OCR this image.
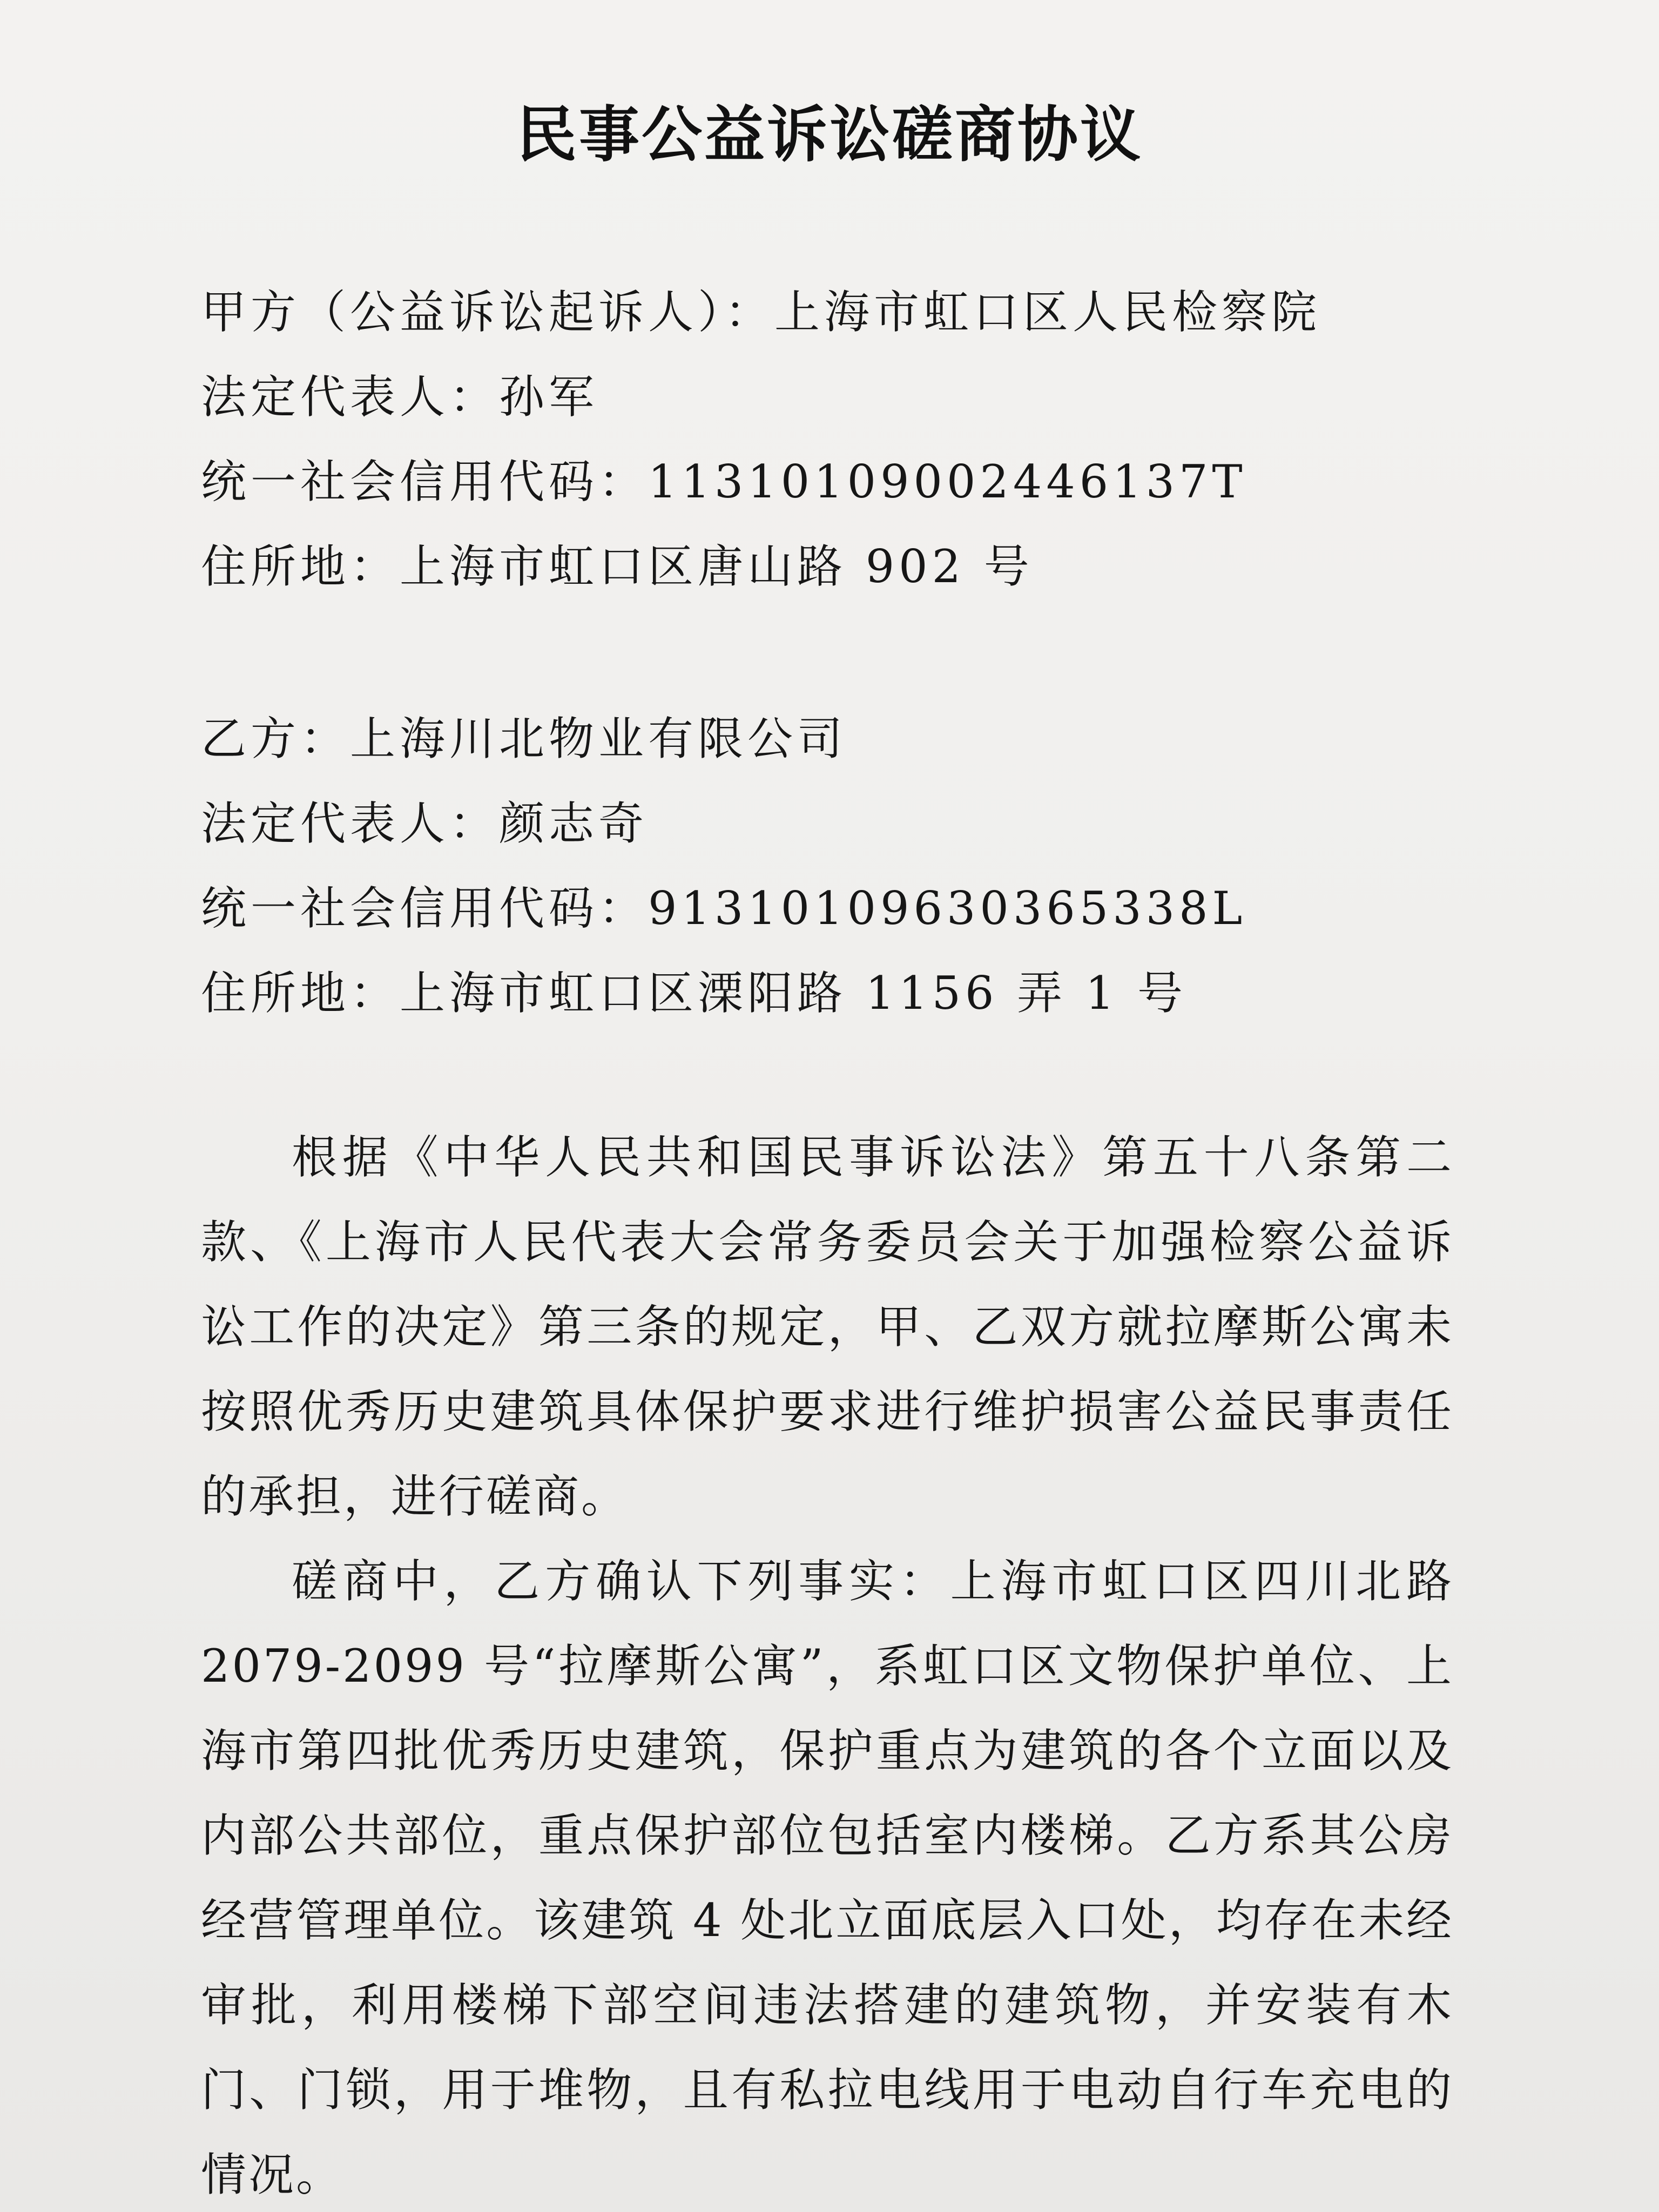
民事公益诉讼磋商协议
甲方（公益诉讼起诉人）：上海市虹口区人民检察院
法定代表人：孙军
统一社会信用代码：11310109002446137T
住所地：上海市虹口区唐山路 902 号
乙方：上海川北物业有限公司
法定代表人：颜志奇
统一社会信用代码：91310109630365338L
住所地：上海市虹口区溧阳路 1156 弄 1 号

根据《中华人民共和国民事诉讼法》第五十八条第二款、《上海市人民代表大会常务委员会关于加强检察公益诉讼工作的决定》第三条的规定，甲、乙双方就拉摩斯公寓未按照优秀历史建筑具体保护要求进行维护损害公益民事责任的承担，进行磋商。

磋商中，乙方确认下列事实：上海市虹口区四川北路 2079-2099 号“拉摩斯公寓”，系虹口区文物保护单位、上海市第四批优秀历史建筑，保护重点为建筑的各个立面以及内部公共部位，重点保护部位包括室内楼梯。乙方系其公房经营管理单位。该建筑 4 处北立面底层入口处，均存在未经审批，利用楼梯下部空间违法搭建的建筑物，并安装有木门、门锁，用于堆物，且有私拉电线用于电动自行车充电的情况。
